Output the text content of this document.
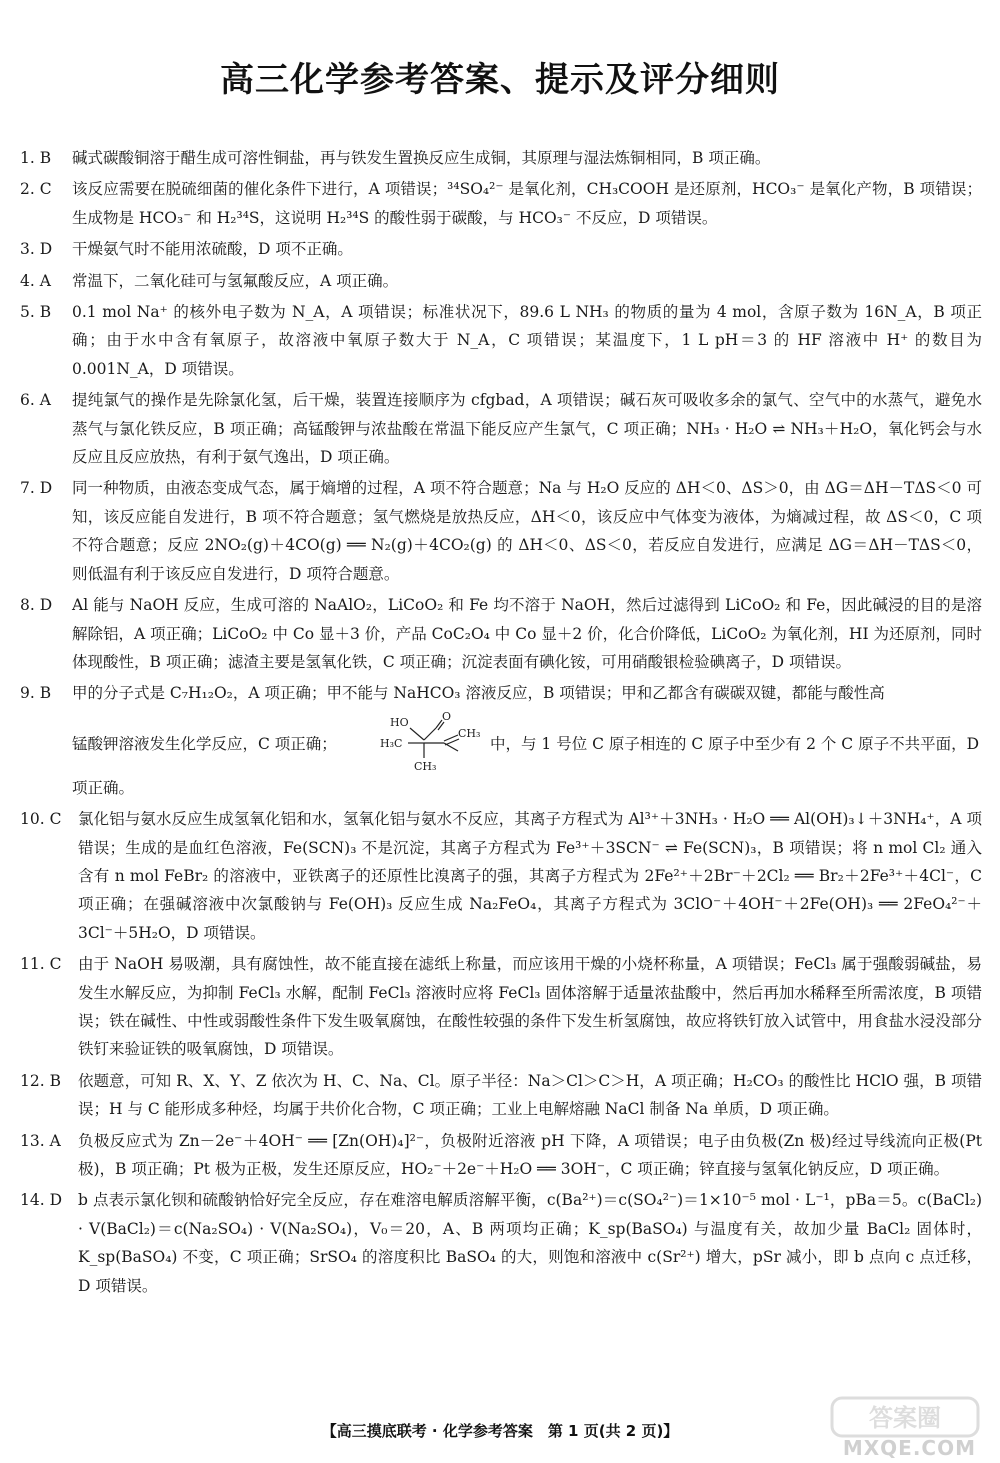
高三化学参考答案、提示及评分细则
1. B	碱式碳酸铜溶于醋生成可溶性铜盐，再与铁发生置换反应生成铜，其原理与湿法炼铜相同，B 项正确。
2. C	该反应需要在脱硫细菌的催化条件下进行，A 项错误；³⁴SO₄²⁻ 是氧化剂，CH₃COOH 是还原剂，HCO₃⁻ 是氧化产物，B 项错误；生成物是 HCO₃⁻ 和 H₂³⁴S，这说明 H₂³⁴S 的酸性弱于碳酸，与 HCO₃⁻ 不反应，D 项错误。
3. D	干燥氨气时不能用浓硫酸，D 项不正确。
4. A	常温下，二氧化硅可与氢氟酸反应，A 项正确。
5. B	0.1 mol Na⁺ 的核外电子数为 N_A，A 项错误；标准状况下，89.6 L NH₃ 的物质的量为 4 mol，含原子数为 16N_A，B 项正确；由于水中含有氧原子，故溶液中氧原子数大于 N_A，C 项错误；某温度下，1 L pH＝3 的 HF 溶液中 H⁺ 的数目为 0.001N_A，D 项错误。
6. A	提纯氯气的操作是先除氯化氢，后干燥，装置连接顺序为 cfgbad，A 项错误；碱石灰可吸收多余的氯气、空气中的水蒸气，避免水蒸气与氯化铁反应，B 项正确；高锰酸钾与浓盐酸在常温下能反应产生氯气，C 项正确；NH₃ · H₂O ⇌ NH₃＋H₂O，氧化钙会与水反应且反应放热，有利于氨气逸出，D 项正确。
7. D	同一种物质，由液态变成气态，属于熵增的过程，A 项不符合题意；Na 与 H₂O 反应的 ΔH＜0、ΔS＞0，由 ΔG＝ΔH－TΔS＜0 可知，该反应能自发进行，B 项不符合题意；氢气燃烧是放热反应，ΔH＜0，该反应中气体变为液体，为熵减过程，故 ΔS＜0，C 项不符合题意；反应 2NO₂(g)＋4CO(g) ══ N₂(g)＋4CO₂(g) 的 ΔH＜0、ΔS＜0，若反应自发进行，应满足 ΔG＝ΔH－TΔS＜0，则低温有利于该反应自发进行，D 项符合题意。
8. D	Al 能与 NaOH 反应，生成可溶的 NaAlO₂，LiCoO₂ 和 Fe 均不溶于 NaOH，然后过滤得到 LiCoO₂ 和 Fe，因此碱浸的目的是溶解除铝，A 项正确；LiCoO₂ 中 Co 显＋3 价，产品 CoC₂O₄ 中 Co 显＋2 价，化合价降低，LiCoO₂ 为氧化剂，HI 为还原剂，同时体现酸性，B 项正确；滤渣主要是氢氧化铁，C 项正确；沉淀表面有碘化铵，可用硝酸银检验碘离子，D 项错误。
9. B	甲的分子式是 C₇H₁₂O₂，A 项正确；甲不能与 NaHCO₃ 溶液反应，B 项错误；甲和乙都含有碳碳双键，都能与酸性高
锰酸钾溶液发生化学反应，C 项正确；
HO	O
H₃C
CH₃
CH₃
中，与 1 号位 C 原子相连的 C 原子中至少有 2 个 C 原子不共平面，D
项正确。
10. C	氯化铝与氨水反应生成氢氧化铝和水，氢氧化铝与氨水不反应，其离子方程式为 Al³⁺＋3NH₃ · H₂O ══ Al(OH)₃↓＋3NH₄⁺，A 项错误；生成的是血红色溶液，Fe(SCN)₃ 不是沉淀，其离子方程式为 Fe³⁺＋3SCN⁻ ⇌ Fe(SCN)₃，B 项错误；将 n mol Cl₂ 通入含有 n mol FeBr₂ 的溶液中，亚铁离子的还原性比溴离子的强，其离子方程式为 2Fe²⁺＋2Br⁻＋2Cl₂ ══ Br₂＋2Fe³⁺＋4Cl⁻，C 项正确；在强碱溶液中次氯酸钠与 Fe(OH)₃ 反应生成 Na₂FeO₄，其离子方程式为 3ClO⁻＋4OH⁻＋2Fe(OH)₃ ══ 2FeO₄²⁻＋3Cl⁻＋5H₂O，D 项错误。
11. C	由于 NaOH 易吸潮，具有腐蚀性，故不能直接在滤纸上称量，而应该用干燥的小烧杯称量，A 项错误；FeCl₃ 属于强酸弱碱盐，易发生水解反应，为抑制 FeCl₃ 水解，配制 FeCl₃ 溶液时应将 FeCl₃ 固体溶解于适量浓盐酸中，然后再加水稀释至所需浓度，B 项错误；铁在碱性、中性或弱酸性条件下发生吸氧腐蚀，在酸性较强的条件下发生析氢腐蚀，故应将铁钉放入试管中，用食盐水浸没部分铁钉来验证铁的吸氧腐蚀，D 项错误。
12. B	依题意，可知 R、X、Y、Z 依次为 H、C、Na、Cl。原子半径：Na＞Cl＞C＞H，A 项正确；H₂CO₃ 的酸性比 HClO 强，B 项错误；H 与 C 能形成多种烃，均属于共价化合物，C 项正确；工业上电解熔融 NaCl 制备 Na 单质，D 项正确。
13. A	负极反应式为 Zn－2e⁻＋4OH⁻ ══ [Zn(OH)₄]²⁻，负极附近溶液 pH 下降，A 项错误；电子由负极(Zn 极)经过导线流向正极(Pt 极)，B 项正确；Pt 极为正极，发生还原反应，HO₂⁻＋2e⁻＋H₂O ══ 3OH⁻，C 项正确；锌直接与氢氧化钠反应，D 项正确。
14. D	b 点表示氯化钡和硫酸钠恰好完全反应，存在难溶电解质溶解平衡，c(Ba²⁺)＝c(SO₄²⁻)＝1×10⁻⁵ mol · L⁻¹，pBa＝5。c(BaCl₂) · V(BaCl₂)＝c(Na₂SO₄) · V(Na₂SO₄)，V₀＝20，A、B 两项均正确；K_sp(BaSO₄) 与温度有关，故加少量 BaCl₂ 固体时，K_sp(BaSO₄) 不变，C 项正确；SrSO₄ 的溶度积比 BaSO₄ 的大，则饱和溶液中 c(Sr²⁺) 增大，pSr 减小，即 b 点向 c 点迁移，D 项错误。
答案圈
MXQE.COM
【高三摸底联考 · 化学参考答案　第 1 页(共 2 页)】
